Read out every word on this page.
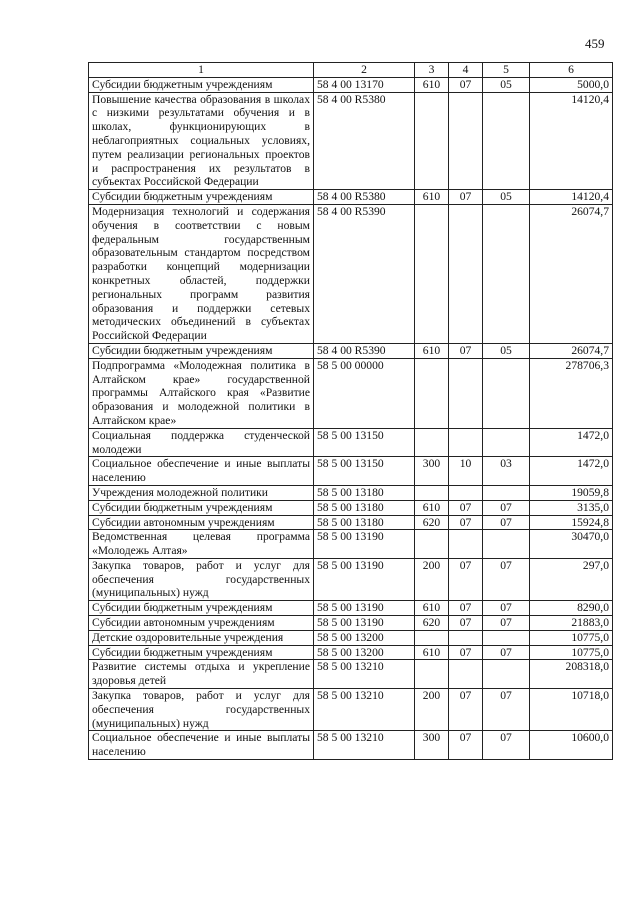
459
1	2	3	4	5	6
Субсидии бюджетным учреждениям	58 4 00 13170	610	07	05	5000,0
Повышение качества образования в школах с низкими результатами обучения и в школах, функционирующих в неблагоприятных социальных условиях, путем реализации региональных проектов и распространения их результатов в субъектах Российской Федерации	58 4 00 R5380				14120,4
Субсидии бюджетным учреждениям	58 4 00 R5380	610	07	05	14120,4
Модернизация технологий и содержания обучения в соответствии с новым федеральным государственным образовательным стандартом посредством разработки концепций модернизации конкретных областей, поддержки региональных программ развития образования и поддержки сетевых методических объединений в субъектах Российской Федерации	58 4 00 R5390				26074,7
Субсидии бюджетным учреждениям	58 4 00 R5390	610	07	05	26074,7
Подпрограмма «Молодежная политика в Алтайском крае» государственной программы Алтайского края «Развитие образования и молодежной политики в Алтайском крае»	58 5 00 00000				278706,3
Социальная поддержка студенческой молодежи	58 5 00 13150				1472,0
Социальное обеспечение и иные выплаты населению	58 5 00 13150	300	10	03	1472,0
Учреждения молодежной политики	58 5 00 13180				19059,8
Субсидии бюджетным учреждениям	58 5 00 13180	610	07	07	3135,0
Субсидии автономным учреждениям	58 5 00 13180	620	07	07	15924,8
Ведомственная целевая программа «Молодежь Алтая»	58 5 00 13190				30470,0
Закупка товаров, работ и услуг для обеспечения государственных (муниципальных) нужд	58 5 00 13190	200	07	07	297,0
Субсидии бюджетным учреждениям	58 5 00 13190	610	07	07	8290,0
Субсидии автономным учреждениям	58 5 00 13190	620	07	07	21883,0
Детские оздоровительные учреждения	58 5 00 13200				10775,0
Субсидии бюджетным учреждениям	58 5 00 13200	610	07	07	10775,0
Развитие системы отдыха и укрепление здоровья детей	58 5 00 13210				208318,0
Закупка товаров, работ и услуг для обеспечения государственных (муниципальных) нужд	58 5 00 13210	200	07	07	10718,0
Социальное обеспечение и иные выплаты населению	58 5 00 13210	300	07	07	10600,0
